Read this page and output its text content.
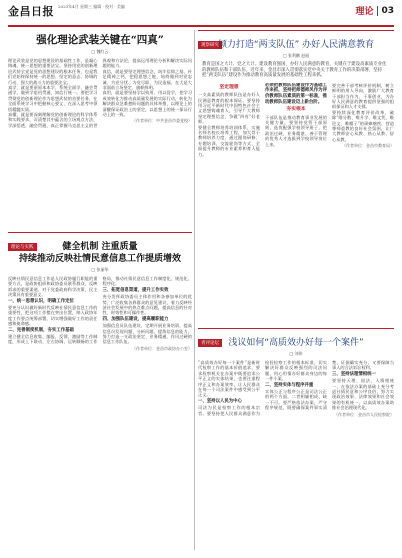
金昌日报 2023年4月 星期三 编辑 · 校对 · 美编
理论 03
强化理论武装关键在“四真”
□ 魏红云

理论武装是党的思想建设的基础性工作，是凝心铸魂、统一思想的重要法宝。坚持用党的创新理论武装全党是党的思想建设的根本任务，也是我们党始终保持统一的思想、坚定的意志、协调的行动、强大的战斗力的重要法宝。

真学，就是要原原本本学、系统全面学、融会贯通学，做到学思用贯通、知信行统一。要把学习贯彻党的创新理论作为思想武装的首要任务，在全面系统学习中把握核心要义，在深入思考中领悟精髓实质。

真懂，就是要深刻理解党的创新理论的科学体系和实践要求，弄清楚其中蕴含的立场观点方法，学深悟透、融会贯通，真正掌握马克思主义的世界观和方法论，提高运用理论分析和解决实际问题的能力。

真信，就是要坚定理想信念，筑牢信仰之基，补足精神之钙，把稳思想之舵，始终做到对党忠诚、为党分忧、为党尽职、为民造福，在大是大非面前立场坚定、旗帜鲜明。

真用，就是要坚持学以致用、用以促学，把学习成效转化为推动高质量发展的实际行动，转化为解决群众急难愁盼问题的具体举措，以理论上的清醒保证政治上的坚定，以思想上的统一保证行动上的一致。

（作者单位：中共金昌市委党校）

理论与实践	健全机制 注重质量
持续推动反映社情民意信息工作提质增效
□ 张丽华

反映社情民意信息工作是人民政协履行职能的重要方式，是政协组织和政协委员联系群众、反映诉求的重要渠道，对于党委政府科学决策、民主决策具有重要意义。

一、统一思想认识，明确工作定位

要充分认识做好新时代反映社情民意信息工作的重要性，把这项工作摆在突出位置，纳入政协年度工作要点统筹部署，切实增强做好工作的责任感和使命感。

二、完善制度机制，夯实工作基础

建立健全信息收集、编报、反馈、激励等工作制度，形成上下联动、左右协调、运转顺畅的工作格局，推动社情民意信息工作制度化、规范化、程序化。

三、拓宽信息渠道，提升工作实效

充分发挥政协委员主体作用和各参加单位的优势，广泛收集各界群众的意见建议，着力反映经济社会发展中的热点难点问题，提高信息的针对性、时效性和可操作性。

四、加强队伍建设，提高履职能力

加强信息员队伍建设，定期开展业务培训，提高信息员发现问题、分析问题、提炼信息的能力，努力打造一支政治坚定、业务精通、作风过硬的信息工作队伍。

（作者单位：金昌市政协办公室）

观察研究
倾力打造“两支队伍” 办好人民满意教育
□ 张利鹏 赵丽
教育是国之大计、党之大计。建设教育强国，办好人民满意的教育，关键在于建设高素质专业化的教师队伍和干部队伍。近年来，金昌市深入贯彻落实党中央关于教育工作的决策部署，坚持把“两支队伍”建设作为推动教育高质量发展的基础性工程来抓。

坚定理想

一支高素质的教师队伍是办好人民满意教育的根本保证。要坚持用习近平新时代中国特色社会主义思想铸魂育人，引导广大教师坚定理想信念，争做“四有”好老师。

要健全教师培养培训体系，实施名师名校长培养工程，加大骨干教师培养力度，通过跟岗研修、专题培训、交流轮岗等方式，全面提升教师的专业素养和育人能力。

必须把教师队伍建设作为基础工作来抓，坚持把师德师风作为评价教师队伍素质的第一标准，推动教师队伍建设迈上新台阶。

夯实根本

干部队伍是推动教育事业发展的关键力量。要坚持党管干部原则，选优配强学校领导班子，把政治过硬、业务精湛、善于管理的优秀人才选拔到学校领导岗位上来。

要完善干部考核评价机制，树立鲜明的用人导向，激励广大教育干部担当作为、干事创业，为办好人民满意的教育提供坚强的组织保证和人才支撑。

要持续深化教育评价改革，破除“唯分数、唯升学、唯文凭、唯论文、唯帽子”的顽瘴痼疾，营造尊师重教的良好社会氛围，让广大教师安心从教、热心从教、舒心从教。

（作者单位：金昌市教育局）

青评论坛	浅议如何“高质效办好每一个案件”
□ 刘伟

“高质效办好每一个案件”是新时代检察工作的基本价值追求，要求检察机关在办案中既要追求公平正义的实体结果，也要注重程序正义和办案效率，让人民群众在每一个司法案件中感受到公平正义。

一、坚持以人民为中心

司法为民是检察工作的根本宗旨。要坚持把人民群众满意作为检验检察工作的根本标准，切实解决好群众反映强烈的司法问题，用心用情办好群众身边的每一件小案。

二、坚持实体与程序并重

实体公正与程序公正是司法公正的两个方面，二者相辅相成、缺一不可。要严格依法办案，严守程序规范，既要确保案件事实清楚、证据确实充分，又要保障当事人的合法诉讼权利。

三、坚持法理情相统一

要坚持天理、国法、人情相统一，在依法办案的基础上充分考虑社情民意和公序良俗，努力实现政治效果、法律效果和社会效果的有机统一，以高质效办案助推社会治理现代化。

（作者单位：金昌市人民检察院）
